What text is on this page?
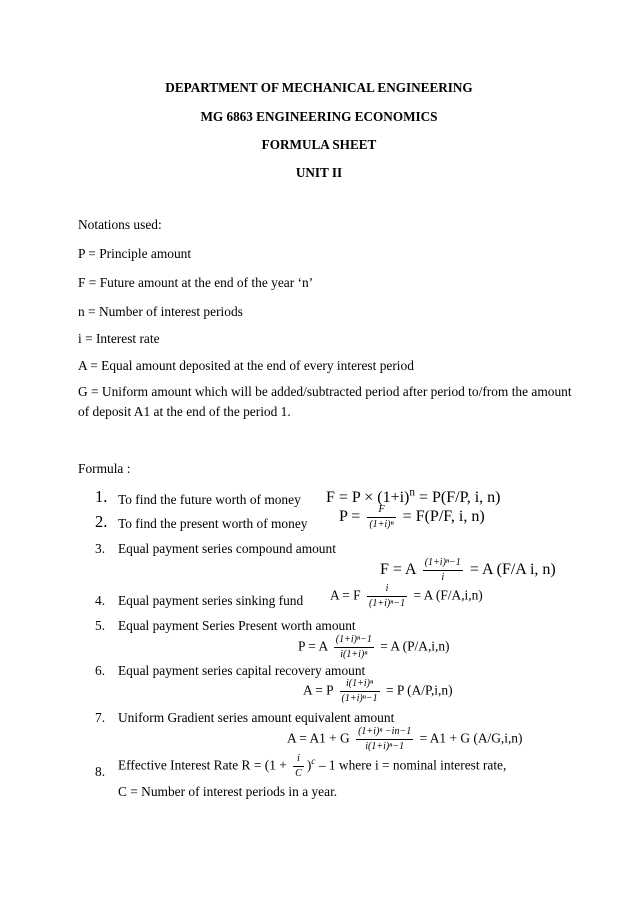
DEPARTMENT OF MECHANICAL ENGINEERING
MG 6863 ENGINEERING ECONOMICS
FORMULA SHEET
UNIT II
Notations used:
P = Principle amount
F = Future amount at the end of the year ‘n’
n = Number of interest periods
i = Interest rate
A = Equal amount deposited at the end of every interest period
G = Uniform amount which will be added/subtracted period after period to/from the amount of deposit A1 at the end of the period 1.
Formula :
1. To find the future worth of money $F = P \times (1+i)^n = P(F/P$, i, n)
2. To find the present worth of money $P = \frac{F}{\text{(1+i)ⁿ}} = F(P/F$, i, n)
3. Equal payment series compound amount
F = A $\frac{\text{(1+i)ⁿ−1}}{i} = A$ (F/A i, n)
4. Equal payment series sinking fund A = F $\frac{i}{\text{(1+i)ⁿ−1}} = A$ (F/A,i,n)
5. Equal payment Series Present worth amount
P = A $\frac{\text{(1+i)ⁿ−1}}{\text{i(1+i)ⁿ}} = A$ (P/A,i,n)
6. Equal payment series capital recovery amount
A = P $\frac{\text{i(1+i)ⁿ}}{\text{(1+i)ⁿ−1}} = P$ (A/P,i,n)
7. Uniform Gradient series amount equivalent amount
A = A1 + G $\frac{\text{(1+i)ⁿ −in−1}}{\text{i(1+i)ⁿ−1}} = A1 + G$ (A/G,i,n)
8. Effective Interest Rate $R = (1 + \frac{i}{C} )^c - 1$ where i = nominal interest rate,
C = Number of interest periods in a year.
